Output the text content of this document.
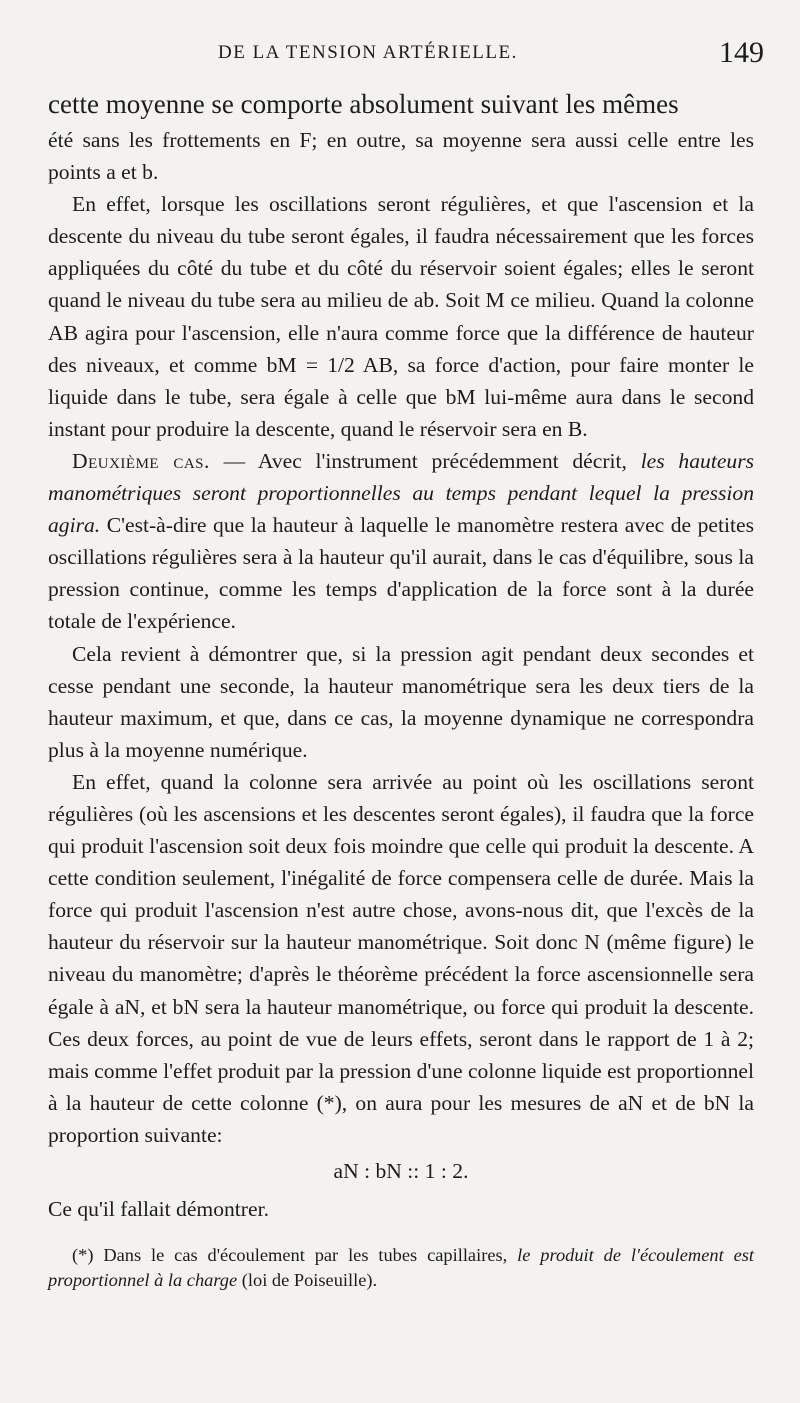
DE LA TENSION ARTÉRIELLE.	149

cette moyenne se comporte absolument suivant les mêmes

été sans les frottements en F; en outre, sa moyenne sera aussi celle entre les points a et b.

En effet, lorsque les oscillations seront régulières, et que l'ascension et la descente du niveau du tube seront égales, il faudra nécessairement que les forces appliquées du côté du tube et du côté du réservoir soient égales; elles le seront quand le niveau du tube sera au milieu de ab. Soit M ce milieu. Quand la colonne AB agira pour l'ascension, elle n'aura comme force que la différence de hauteur des niveaux, et comme bM = 1/2 AB, sa force d'action, pour faire monter le liquide dans le tube, sera égale à celle que bM lui-même aura dans le second instant pour produire la descente, quand le réservoir sera en B.

Deuxième cas. — Avec l'instrument précédemment décrit, les hauteurs manométriques seront proportionnelles au temps pendant lequel la pression agira. C'est-à-dire que la hauteur à laquelle le manomètre restera avec de petites oscillations régulières sera à la hauteur qu'il aurait, dans le cas d'équilibre, sous la pression continue, comme les temps d'application de la force sont à la durée totale de l'expérience.

Cela revient à démontrer que, si la pression agit pendant deux secondes et cesse pendant une seconde, la hauteur manométrique sera les deux tiers de la hauteur maximum, et que, dans ce cas, la moyenne dynamique ne correspondra plus à la moyenne numérique.

En effet, quand la colonne sera arrivée au point où les oscillations seront régulières (où les ascensions et les descentes seront égales), il faudra que la force qui produit l'ascension soit deux fois moindre que celle qui produit la descente. A cette condition seulement, l'inégalité de force compensera celle de durée. Mais la force qui produit l'ascension n'est autre chose, avons-nous dit, que l'excès de la hauteur du réservoir sur la hauteur manométrique. Soit donc N (même figure) le niveau du manomètre; d'après le théorème précédent la force ascensionnelle sera égale à aN, et bN sera la hauteur manométrique, ou force qui produit la descente. Ces deux forces, au point de vue de leurs effets, seront dans le rapport de 1 à 2; mais comme l'effet produit par la pression d'une colonne liquide est proportionnel à la hauteur de cette colonne (*), on aura pour les mesures de aN et de bN la proportion suivante:

aN : bN :: 1 : 2.

Ce qu'il fallait démontrer.

(*) Dans le cas d'écoulement par les tubes capillaires, le produit de l'écoulement est proportionnel à la charge (loi de Poiseuille).
